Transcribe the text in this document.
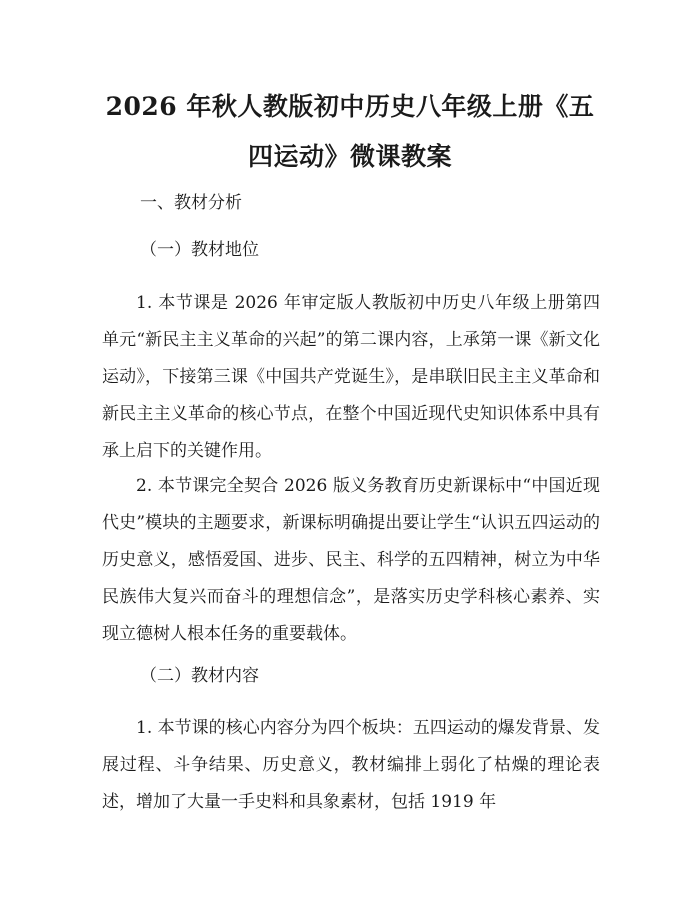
2026 年秋人教版初中历史八年级上册《五四运动》微课教案

一、教材分析

（一）教材地位

1. 本节课是 2026 年审定版人教版初中历史八年级上册第四单元“新民主主义革命的兴起”的第二课内容，上承第一课《新文化运动》，下接第三课《中国共产党诞生》，是串联旧民主主义革命和新民主主义革命的核心节点，在整个中国近现代史知识体系中具有承上启下的关键作用。

2. 本节课完全契合 2026 版义务教育历史新课标中“中国近现代史”模块的主题要求，新课标明确提出要让学生“认识五四运动的历史意义，感悟爱国、进步、民主、科学的五四精神，树立为中华民族伟大复兴而奋斗的理想信念”，是落实历史学科核心素养、实现立德树人根本任务的重要载体。

（二）教材内容

1. 本节课的核心内容分为四个板块：五四运动的爆发背景、发展过程、斗争结果、历史意义，教材编排上弱化了枯燥的理论表述，增加了大量一手史料和具象素材，包括 1919 年
